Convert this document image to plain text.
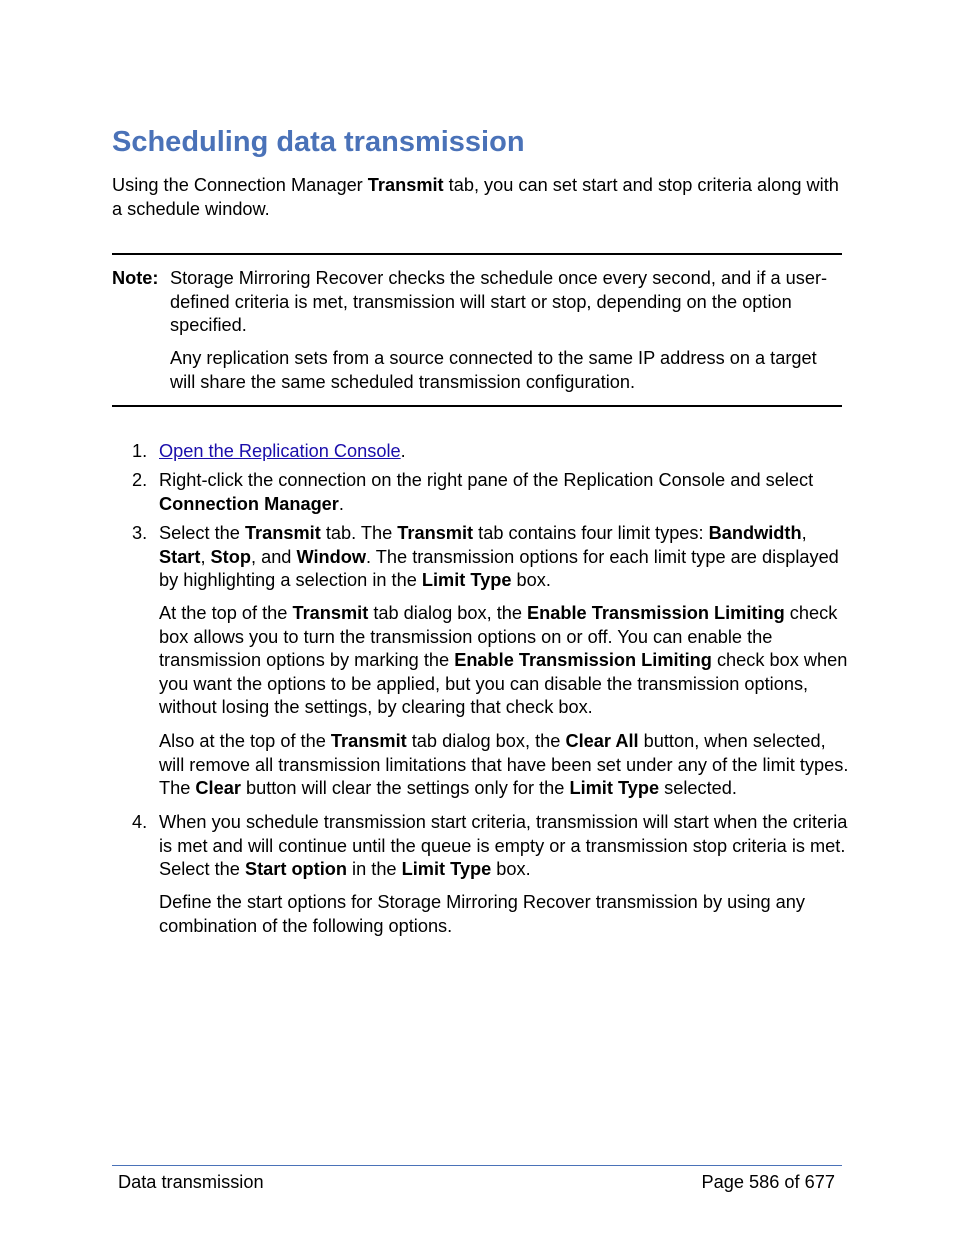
Scheduling data transmission

Using the Connection Manager Transmit tab, you can set start and stop criteria along with a schedule window.

Note: Storage Mirroring Recover checks the schedule once every second, and if a user-defined criteria is met, transmission will start or stop, depending on the option specified.

Any replication sets from a source connected to the same IP address on a target will share the same scheduled transmission configuration.

1. Open the Replication Console.

2. Right-click the connection on the right pane of the Replication Console and select Connection Manager.

3. Select the Transmit tab. The Transmit tab contains four limit types: Bandwidth, Start, Stop, and Window. The transmission options for each limit type are displayed by highlighting a selection in the Limit Type box.

At the top of the Transmit tab dialog box, the Enable Transmission Limiting check box allows you to turn the transmission options on or off. You can enable the transmission options by marking the Enable Transmission Limiting check box when you want the options to be applied, but you can disable the transmission options, without losing the settings, by clearing that check box.

Also at the top of the Transmit tab dialog box, the Clear All button, when selected, will remove all transmission limitations that have been set under any of the limit types. The Clear button will clear the settings only for the Limit Type selected.

4. When you schedule transmission start criteria, transmission will start when the criteria is met and will continue until the queue is empty or a transmission stop criteria is met. Select the Start option in the Limit Type box.

Define the start options for Storage Mirroring Recover transmission by using any combination of the following options.

Data transmission	Page 586 of 677
